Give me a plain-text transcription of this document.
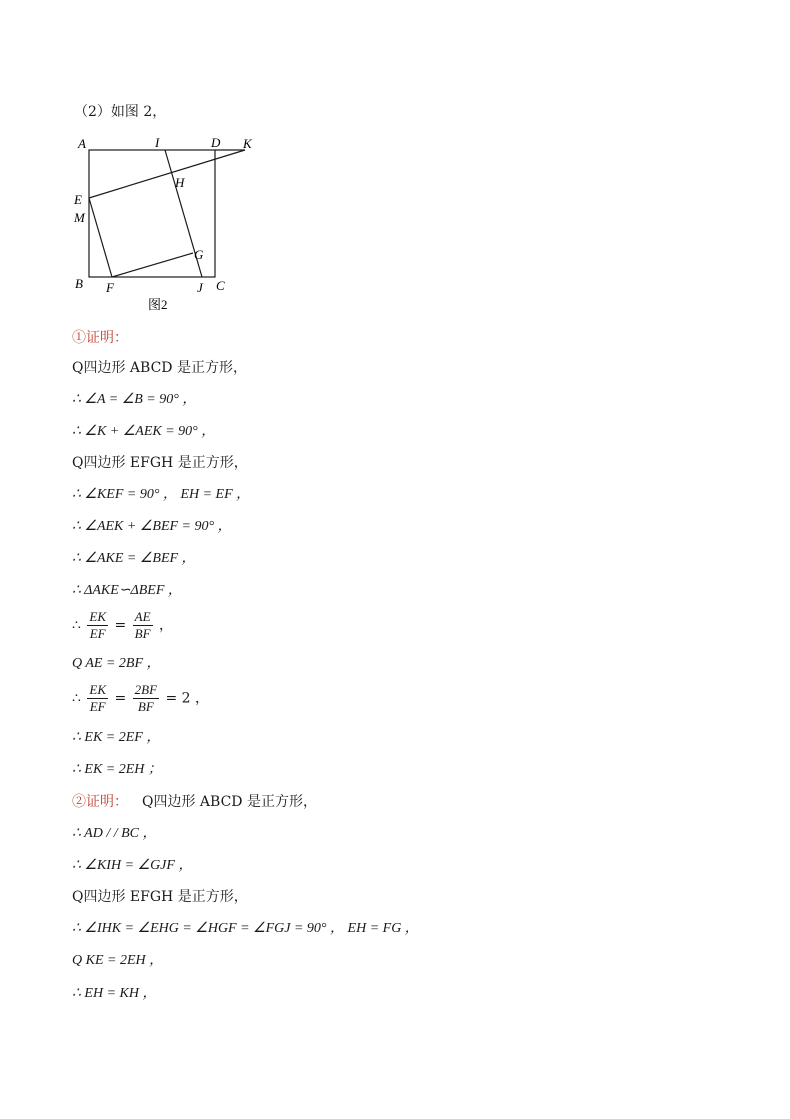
（2）如图 2，
A	I	D K
H
E
M
G
B F	J C
图2
①证明：
Q四边形 ABCD 是正方形，
∴ ∠A = ∠B = 90° ，
∴ ∠K + ∠AEK = 90° ，
Q四边形 EFGH 是正方形，
∴ ∠KEF = 90° ， EH = EF ，
∴ ∠AEK + ∠BEF = 90° ，
∴ ∠AKE = ∠BEF ，
∴ ΔAKE∽ΔBEF ，
∴ $\frac{EK}{EF} = \frac{AE}{BF}$ ，
Q AE = 2BF ，
∴ $\frac{EK}{EF} = \frac{2BF}{BF} = 2$ ，
∴ EK = 2EF ，
∴ EK = 2EH ；
②证明： Q四边形 ABCD 是正方形，
∴ AD / / BC ，
∴ ∠KIH = ∠GJF ，
Q四边形 EFGH 是正方形，
∴ ∠IHK = ∠EHG = ∠HGF = ∠FGJ = 90° ， EH = FG ，
Q KE = 2EH ，
∴ EH = KH ，
